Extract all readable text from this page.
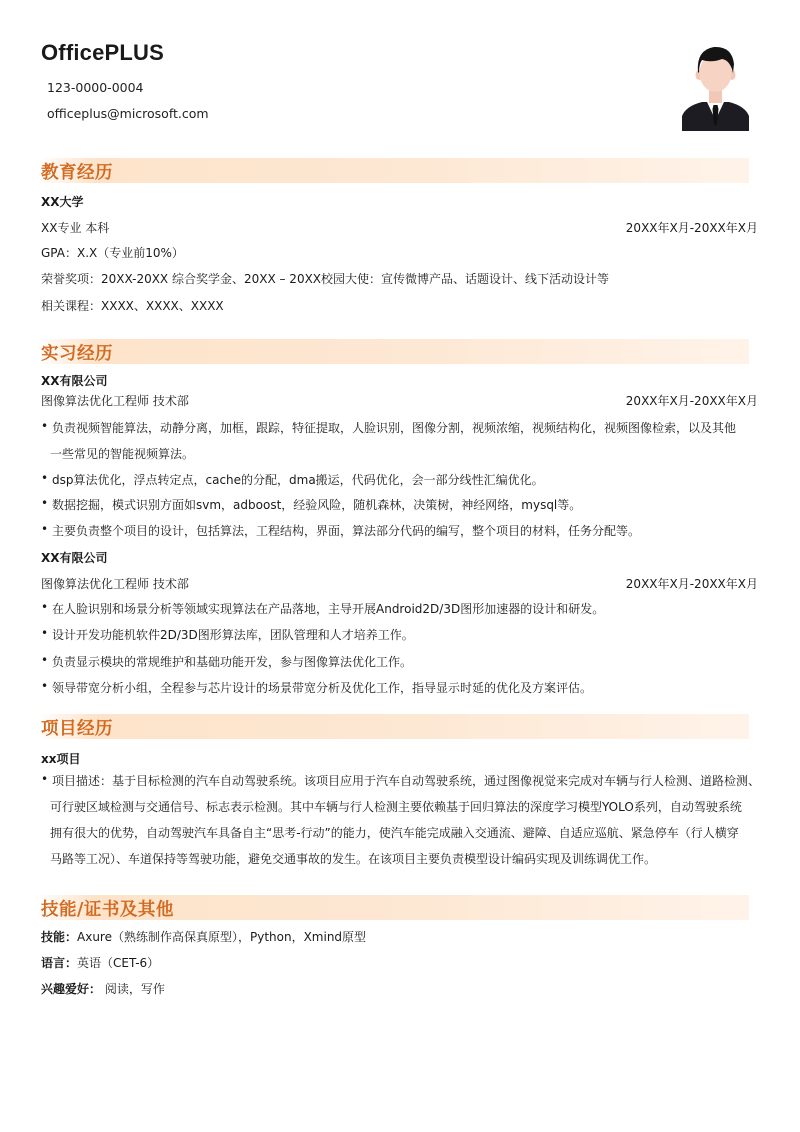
OfficePLUS
123-0000-0004
officeplus@microsoft.com
教育经历
XX大学
XX专业 本科	20XX年X月-20XX年X月
GPA：X.X（专业前10%）
荣誉奖项：20XX-20XX 综合奖学金、20XX – 20XX校园大使：宣传微博产品、话题设计、线下活动设计等
相关课程：XXXX、XXXX、XXXX
实习经历
XX有限公司
图像算法优化工程师 技术部	20XX年X月-20XX年X月
• 负责视频智能算法，动静分离，加框，跟踪，特征提取，人脸识别，图像分割，视频浓缩，视频结构化，视频图像检索，以及其他
一些常见的智能视频算法。
• dsp算法优化，浮点转定点，cache的分配，dma搬运，代码优化，会一部分线性汇编优化。
• 数据挖掘，模式识别方面如svm，adboost，经验风险，随机森林，决策树，神经网络，mysql等。
• 主要负责整个项目的设计，包括算法，工程结构，界面，算法部分代码的编写，整个项目的材料，任务分配等。
XX有限公司
图像算法优化工程师 技术部	20XX年X月-20XX年X月
• 在人脸识别和场景分析等领域实现算法在产品落地，主导开展Android2D/3D图形加速器的设计和研发。
• 设计开发功能机软件2D/3D图形算法库，团队管理和人才培养工作。
• 负责显示模块的常规维护和基础功能开发，参与图像算法优化工作。
• 领导带宽分析小组，全程参与芯片设计的场景带宽分析及优化工作，指导显示时延的优化及方案评估。
项目经历
xx项目
• 项目描述：基于目标检测的汽车自动驾驶系统。该项目应用于汽车自动驾驶系统，通过图像视觉来完成对车辆与行人检测、道路检测、
可行驶区域检测与交通信号、标志表示检测。其中车辆与行人检测主要依赖基于回归算法的深度学习模型YOLO系列，自动驾驶系统
拥有很大的优势，自动驾驶汽车具备自主“思考-行动”的能力，使汽车能完成融入交通流、避障、自适应巡航、紧急停车（行人横穿
马路等工况）、车道保持等驾驶功能，避免交通事故的发生。在该项目主要负责模型设计编码实现及训练调优工作。
技能/证书及其他
技能：Axure（熟练制作高保真原型），Python，Xmind原型
语言：英语（CET-6）
兴趣爱好： 阅读，写作
